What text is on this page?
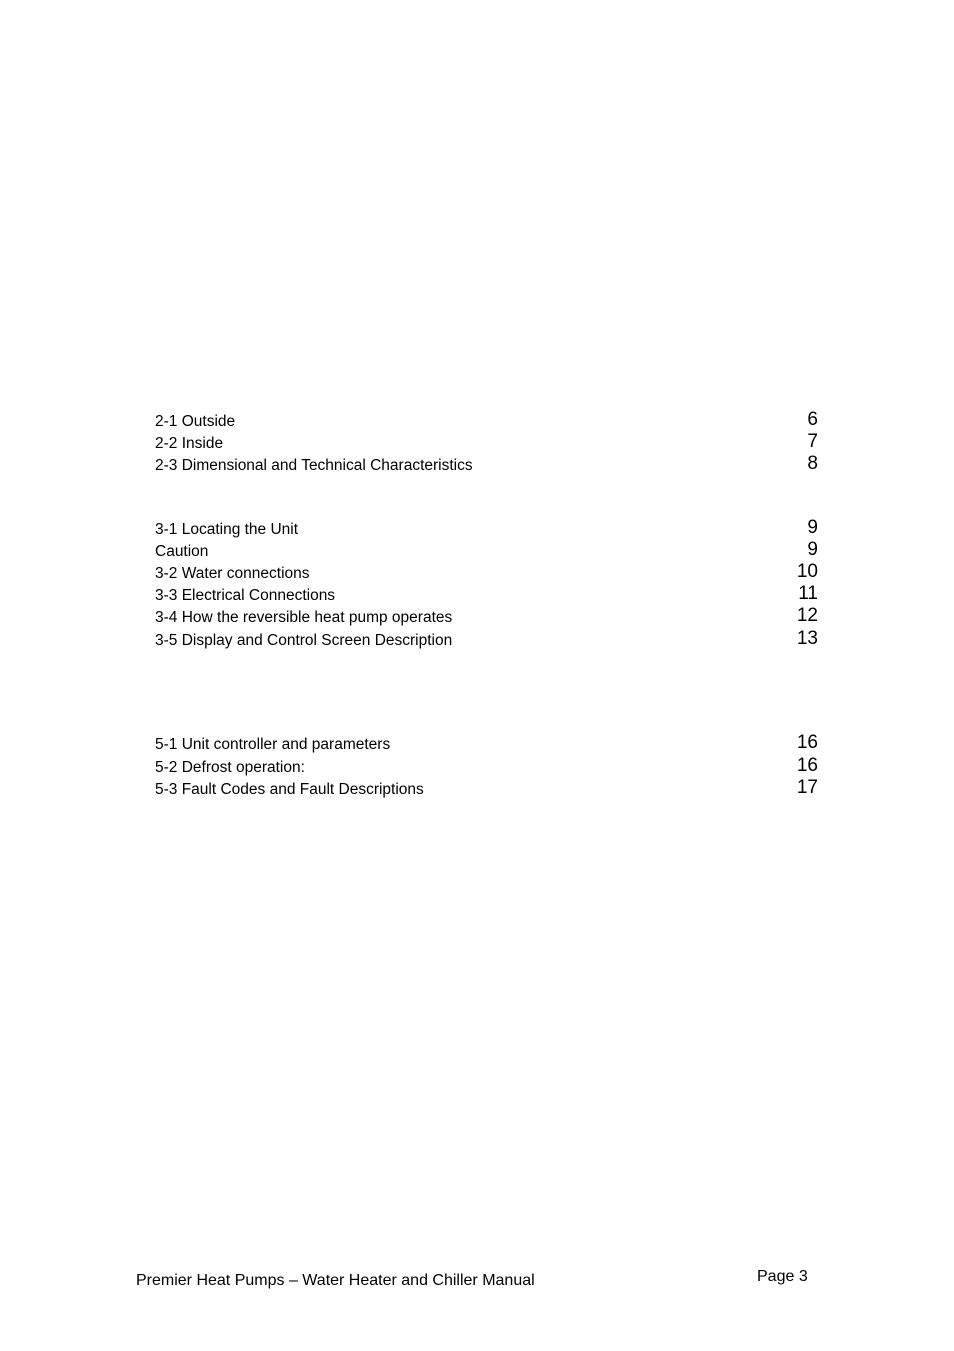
2-1 Outside	6
2-2 Inside	7
2-3 Dimensional and Technical Characteristics	8
3-1 Locating the Unit	9
Caution	9
3-2 Water connections	10
3-3 Electrical Connections	11
3-4 How the reversible heat pump operates	12
3-5 Display and Control Screen Description	13
5-1 Unit controller and parameters	16
5-2 Defrost operation:	16
5-3 Fault Codes and Fault Descriptions	17
Premier Heat Pumps – Water Heater and Chiller Manual	Page 3
